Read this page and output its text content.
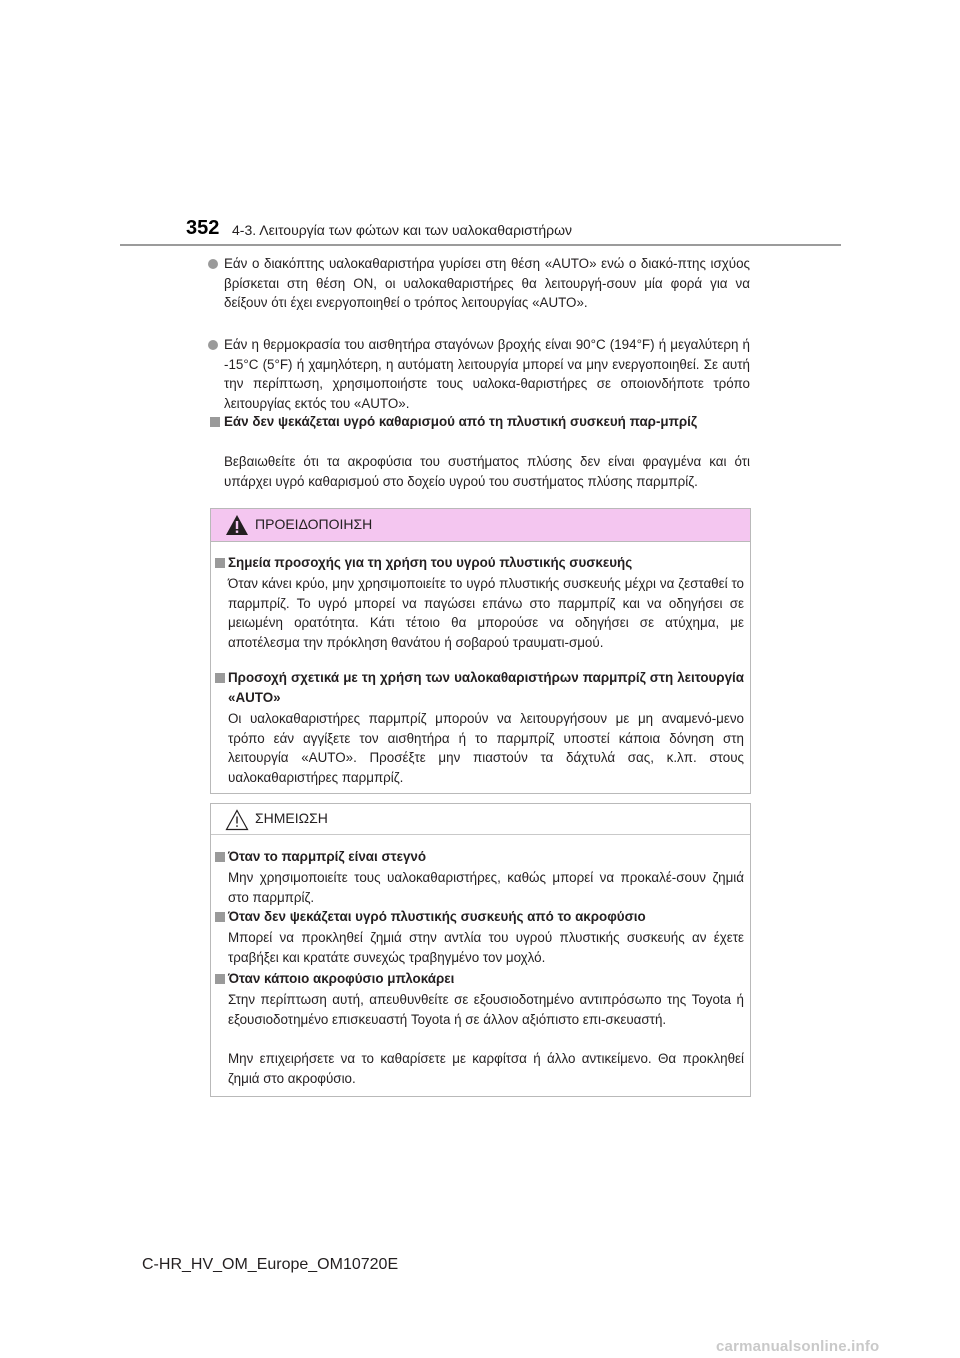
352 4-3. Λειτουργία των φώτων και των υαλοκαθαριστήρων
Εάν ο διακόπτης υαλοκαθαριστήρα γυρίσει στη θέση «AUTO» ενώ ο διακό-πτης ισχύος βρίσκεται στη θέση ON, οι υαλοκαθαριστήρες θα λειτουργή-σουν μία φορά για να δείξουν ότι έχει ενεργοποιηθεί ο τρόπος λειτουργίας «AUTO».
Εάν η θερμοκρασία του αισθητήρα σταγόνων βροχής είναι 90°C (194°F) ή μεγαλύτερη ή -15°C (5°F) ή χαμηλότερη, η αυτόματη λειτουργία μπορεί να μην ενεργοποιηθεί. Σε αυτή την περίπτωση, χρησιμοποιήστε τους υαλοκα-θαριστήρες σε οποιονδήποτε τρόπο λειτουργίας εκτός του «AUTO».
Εάν δεν ψεκάζεται υγρό καθαρισμού από τη πλυστική συσκευή παρ-μπρίζ
Βεβαιωθείτε ότι τα ακροφύσια του συστήματος πλύσης δεν είναι φραγμένα και ότι υπάρχει υγρό καθαρισμού στο δοχείο υγρού του συστήματος πλύσης παρμπρίζ.
ΠΡΟΕΙΔΟΠΟΙΗΣΗ
Σημεία προσοχής για τη χρήση του υγρού πλυστικής συσκευής
Όταν κάνει κρύο, μην χρησιμοποιείτε το υγρό πλυστικής συσκευής μέχρι να ζεσταθεί το παρμπρίζ. Το υγρό μπορεί να παγώσει επάνω στο παρμπρίζ και να οδηγήσει σε μειωμένη ορατότητα. Κάτι τέτοιο θα μπορούσε να οδηγήσει σε ατύχημα, με αποτέλεσμα την πρόκληση θανάτου ή σοβαρού τραυματι-σμού.
Προσοχή σχετικά με τη χρήση των υαλοκαθαριστήρων παρμπρίζ στη λειτουργία «AUTO»
Οι υαλοκαθαριστήρες παρμπρίζ μπορούν να λειτουργήσουν με μη αναμενό-μενο τρόπο εάν αγγίξετε τον αισθητήρα ή το παρμπρίζ υποστεί κάποια δόνηση στη λειτουργία «AUTO». Προσέξτε μην πιαστούν τα δάχτυλά σας, κ.λπ. στους υαλοκαθαριστήρες παρμπρίζ.
ΣΗΜΕΙΩΣΗ
Όταν το παρμπρίζ είναι στεγνό
Μην χρησιμοποιείτε τους υαλοκαθαριστήρες, καθώς μπορεί να προκαλέ-σουν ζημιά στο παρμπρίζ.
Όταν δεν ψεκάζεται υγρό πλυστικής συσκευής από το ακροφύσιο
Μπορεί να προκληθεί ζημιά στην αντλία του υγρού πλυστικής συσκευής αν έχετε τραβήξει και κρατάτε συνεχώς τραβηγμένο τον μοχλό.
Όταν κάποιο ακροφύσιο μπλοκάρει
Στην περίπτωση αυτή, απευθυνθείτε σε εξουσιοδοτημένο αντιπρόσωπο της Toyota ή εξουσιοδοτημένο επισκευαστή Toyota ή σε άλλον αξιόπιστο επι-σκευαστή.
Μην επιχειρήσετε να το καθαρίσετε με καρφίτσα ή άλλο αντικείμενο. Θα προκληθεί ζημιά στο ακροφύσιο.
C-HR_HV_OM_Europe_OM10720E
carmanualsonline.info
